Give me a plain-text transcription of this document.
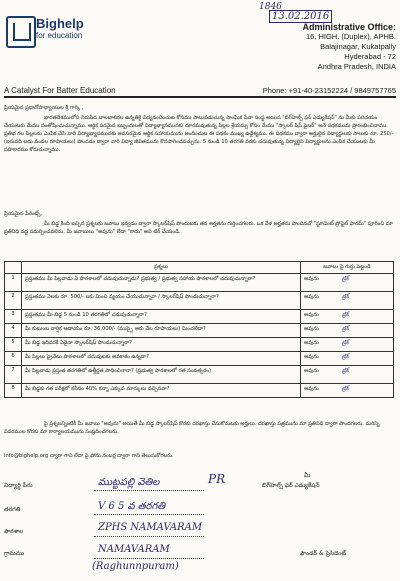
Bighelp
for education
1846
13.02.2016
Administrative Office:
16, HIGH. (Duplex), APHB.
Balajinagar, Kukatpally
Hyderabad - 72
Andhra Pradesh, INDIA
A Catalyst For Batter Education	Phone: +91-40-23152224 / 9849757765
ప్రియమైన ప్రధానోపాధ్యాయుల శ్రీ గార్కి ,
భారతదేశములోని నిరుపేద బాలబాలికల ఉన్నతికై విద్యనందించుట కోసము పాటుపడుచున్న సాంఘిక సేవా సంస్థ అయిన "బిగ్‌హెల్ప్ ఫర్ ఎడ్యుకేషన్" ను మీకు పరిచయం చేయుటకు మేము సంతోషించుచున్నాము. ఆర్థిక పరమైన ఇబ్బందులతో విద్యాభ్యాసమునకు దూరమవుతున్న పిల్లల శ్రేయస్సు కోసం మేము "స్కాలర్ షిప్ ఫైబర్" అనే పథకమును ప్రారంభించినాము. ప్రతిభ గల పిల్లలను ఎంపిక చేసి వారి విద్యాభ్యాసమునకు అవసరమైన ఆర్థిక సహాయమును అందించుట ఈ పథకం ముఖ్య ఉద్దేశ్యము. ఈ పథకము ద్వారా అర్హులైన విద్యార్థులకు సాలుకు రూ. 250/- (ఇరువది ఐదు వందల రూపాయలు) పొందడం ద్వారా వారి విద్యా జీవితమును కొనసాగించవచ్చును. 5 నుండి 10 తరగతి వరకు చదువుతున్న విద్యార్థిని విద్యార్థులను ఎంపిక చేయుటకు మీ సహకారము కోరుచున్నాము.
ప్రియమైన పేరెంట్స్,
మీ బిడ్డ కింది ఇచ్చిన ప్రశ్నలకు జవాబు ఇవ్వడం ద్వారా స్కాలర్‌షిప్ పొందుటకు తన అర్హతను గుర్తించగలరు. ఒక వేళ అర్హతను పొందినచో "స్టూడెంట్ ప్రోఫైల్ ఫారమ్" పూరించి మా ప్రతినిధి వద్ద సమర్పించవలెను. మీ జవాబులు "అవును" లేదా "కాదు" అని టిక్ చేయండి.
	ప్రశ్నలు	జవాబు పై గుర్తు పెట్టండి
1	ప్రస్తుతము మీ పిల్లవాడు ఏ పాఠశాలలో చదువుచున్నాడు? ప్రభుత్వ / ప్రభుత్వ సహాయ పాఠశాలలో చదువుచున్నారా?	అవును ట్రిక్
2	ప్రస్తుతము నెలకు రూ. 500/- లకు మించి వ్యయం చేయుచున్నారా / స్కాలర్‌షిప్ పొందుచున్నారా?	అవును ట్రిక్
3	ప్రస్తుతము మీ బిడ్డ 5 నుండి 10 తరగతిలో చదువుచున్నారా?	అవును ట్రిక్
4	మీ కుటుంబ వార్షిక ఆదాయం రూ. 36,000/- (ముప్పై ఆరు వేల రూపాయలు) మించలేదా?	అవును ట్రిక్
5	మీ బిడ్డ ఇదివరకే ఏదైనా స్కాలర్‌షిప్ పొందుచున్నారా?	అవును ట్రిక్
6	మీ పిల్లలు ప్రైవేటు పాఠశాలలో చదువుటకు అవకాశం ఉన్నదా?	అవును ట్రిక్
7	మీ పిల్లవాడు ప్రస్తుత తరగతిలో ఉత్తీర్ణత సాధించినారా? (ప్రభుత్వ పాఠశాలలో గత సంవత్సరం)	అవును ట్రిక్
8	మీ బిడ్డకు గత పరీక్షలో కనీసం 40% కన్నా ఎక్కువ మార్కులు వచ్చినవా?	అవును ట్రిక్
పై ప్రశ్నలన్నింటికీ మీ జవాబు "అవును" అయితే మీ బిడ్డ స్కాలర్‌షిప్ కొరకు దరఖాస్తు చేసుకొనుటకు అర్హులు. దరఖాస్తు పత్రమును మా ప్రతినిధి ద్వారా పొందగలరు. మరిన్ని వివరముల కొరకు మా కార్యాలయమును సంప్రదించగలరు.
info@bighelp.org ద్వారా గాని లేదా పై ఫోను నంబర్ల ద్వారా గాని తెలుసుకోగలరు.
విద్యార్థి పేరు	ముట్టపల్లి వెతిల
తరగతి	V 6 5 వ తరగతి
పాఠశాల	ZPHS NAMAVARAM
గ్రామము	NAMAVARAM
(Raghunnpuram)
PR	మీ
బిగ్‌హెల్ప్ ఫర్ ఎడ్యుకేషన్
ఫౌండర్ & ప్రెసిడెంట్
